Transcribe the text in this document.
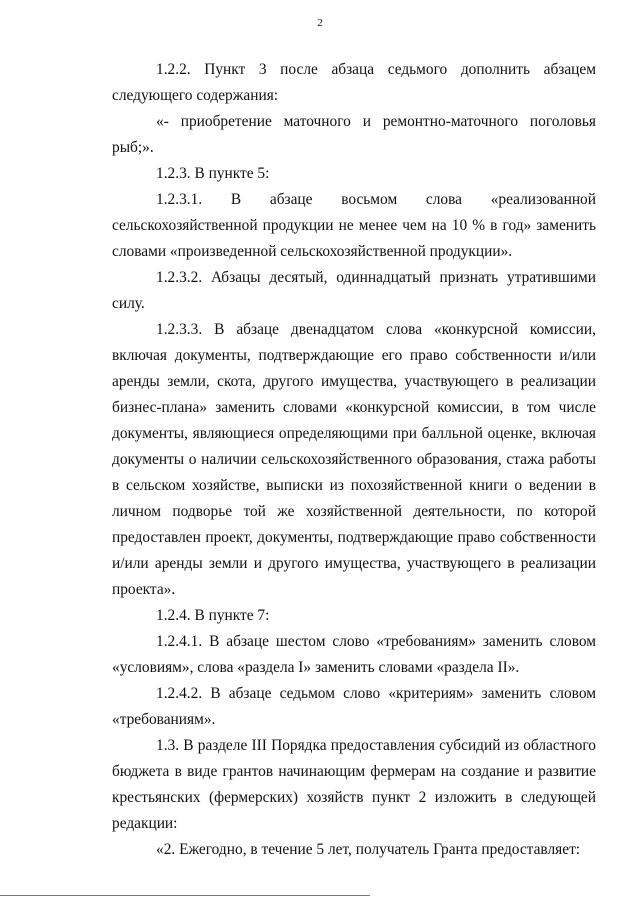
2

1.2.2. Пункт 3 после абзаца седьмого дополнить абзацем следующего содержания:

«- приобретение маточного и ремонтно-маточного поголовья рыб;».

1.2.3. В пункте 5:

1.2.3.1. В абзаце восьмом слова «реализованной сельскохозяйственной продукции не менее чем на 10 % в год» заменить словами «произведенной сельскохозяйственной продукции».

1.2.3.2. Абзацы десятый, одиннадцатый признать утратившими силу.

1.2.3.3. В абзаце двенадцатом слова «конкурсной комиссии, включая документы, подтверждающие его право собственности и/или аренды земли, скота, другого имущества, участвующего в реализации бизнес-плана» заменить словами «конкурсной комиссии, в том числе документы, являющиеся определяющими при балльной оценке, включая документы о наличии сельскохозяйственного образования, стажа работы в сельском хозяйстве, выписки из похозяйственной книги о ведении в личном подворье той же хозяйственной деятельности, по которой предоставлен проект, документы, подтверждающие право собственности и/или аренды земли и другого имущества, участвующего в реализации проекта».

1.2.4. В пункте 7:

1.2.4.1. В абзаце шестом слово «требованиям» заменить словом «условиям», слова «раздела I» заменить словами «раздела II».

1.2.4.2. В абзаце седьмом слово «критериям» заменить словом «требованиям».

1.3. В разделе III Порядка предоставления субсидий из областного бюджета в виде грантов начинающим фермерам на создание и развитие крестьянских (фермерских) хозяйств пункт 2 изложить в следующей редакции:

«2. Ежегодно, в течение 5 лет, получатель Гранта предоставляет:
